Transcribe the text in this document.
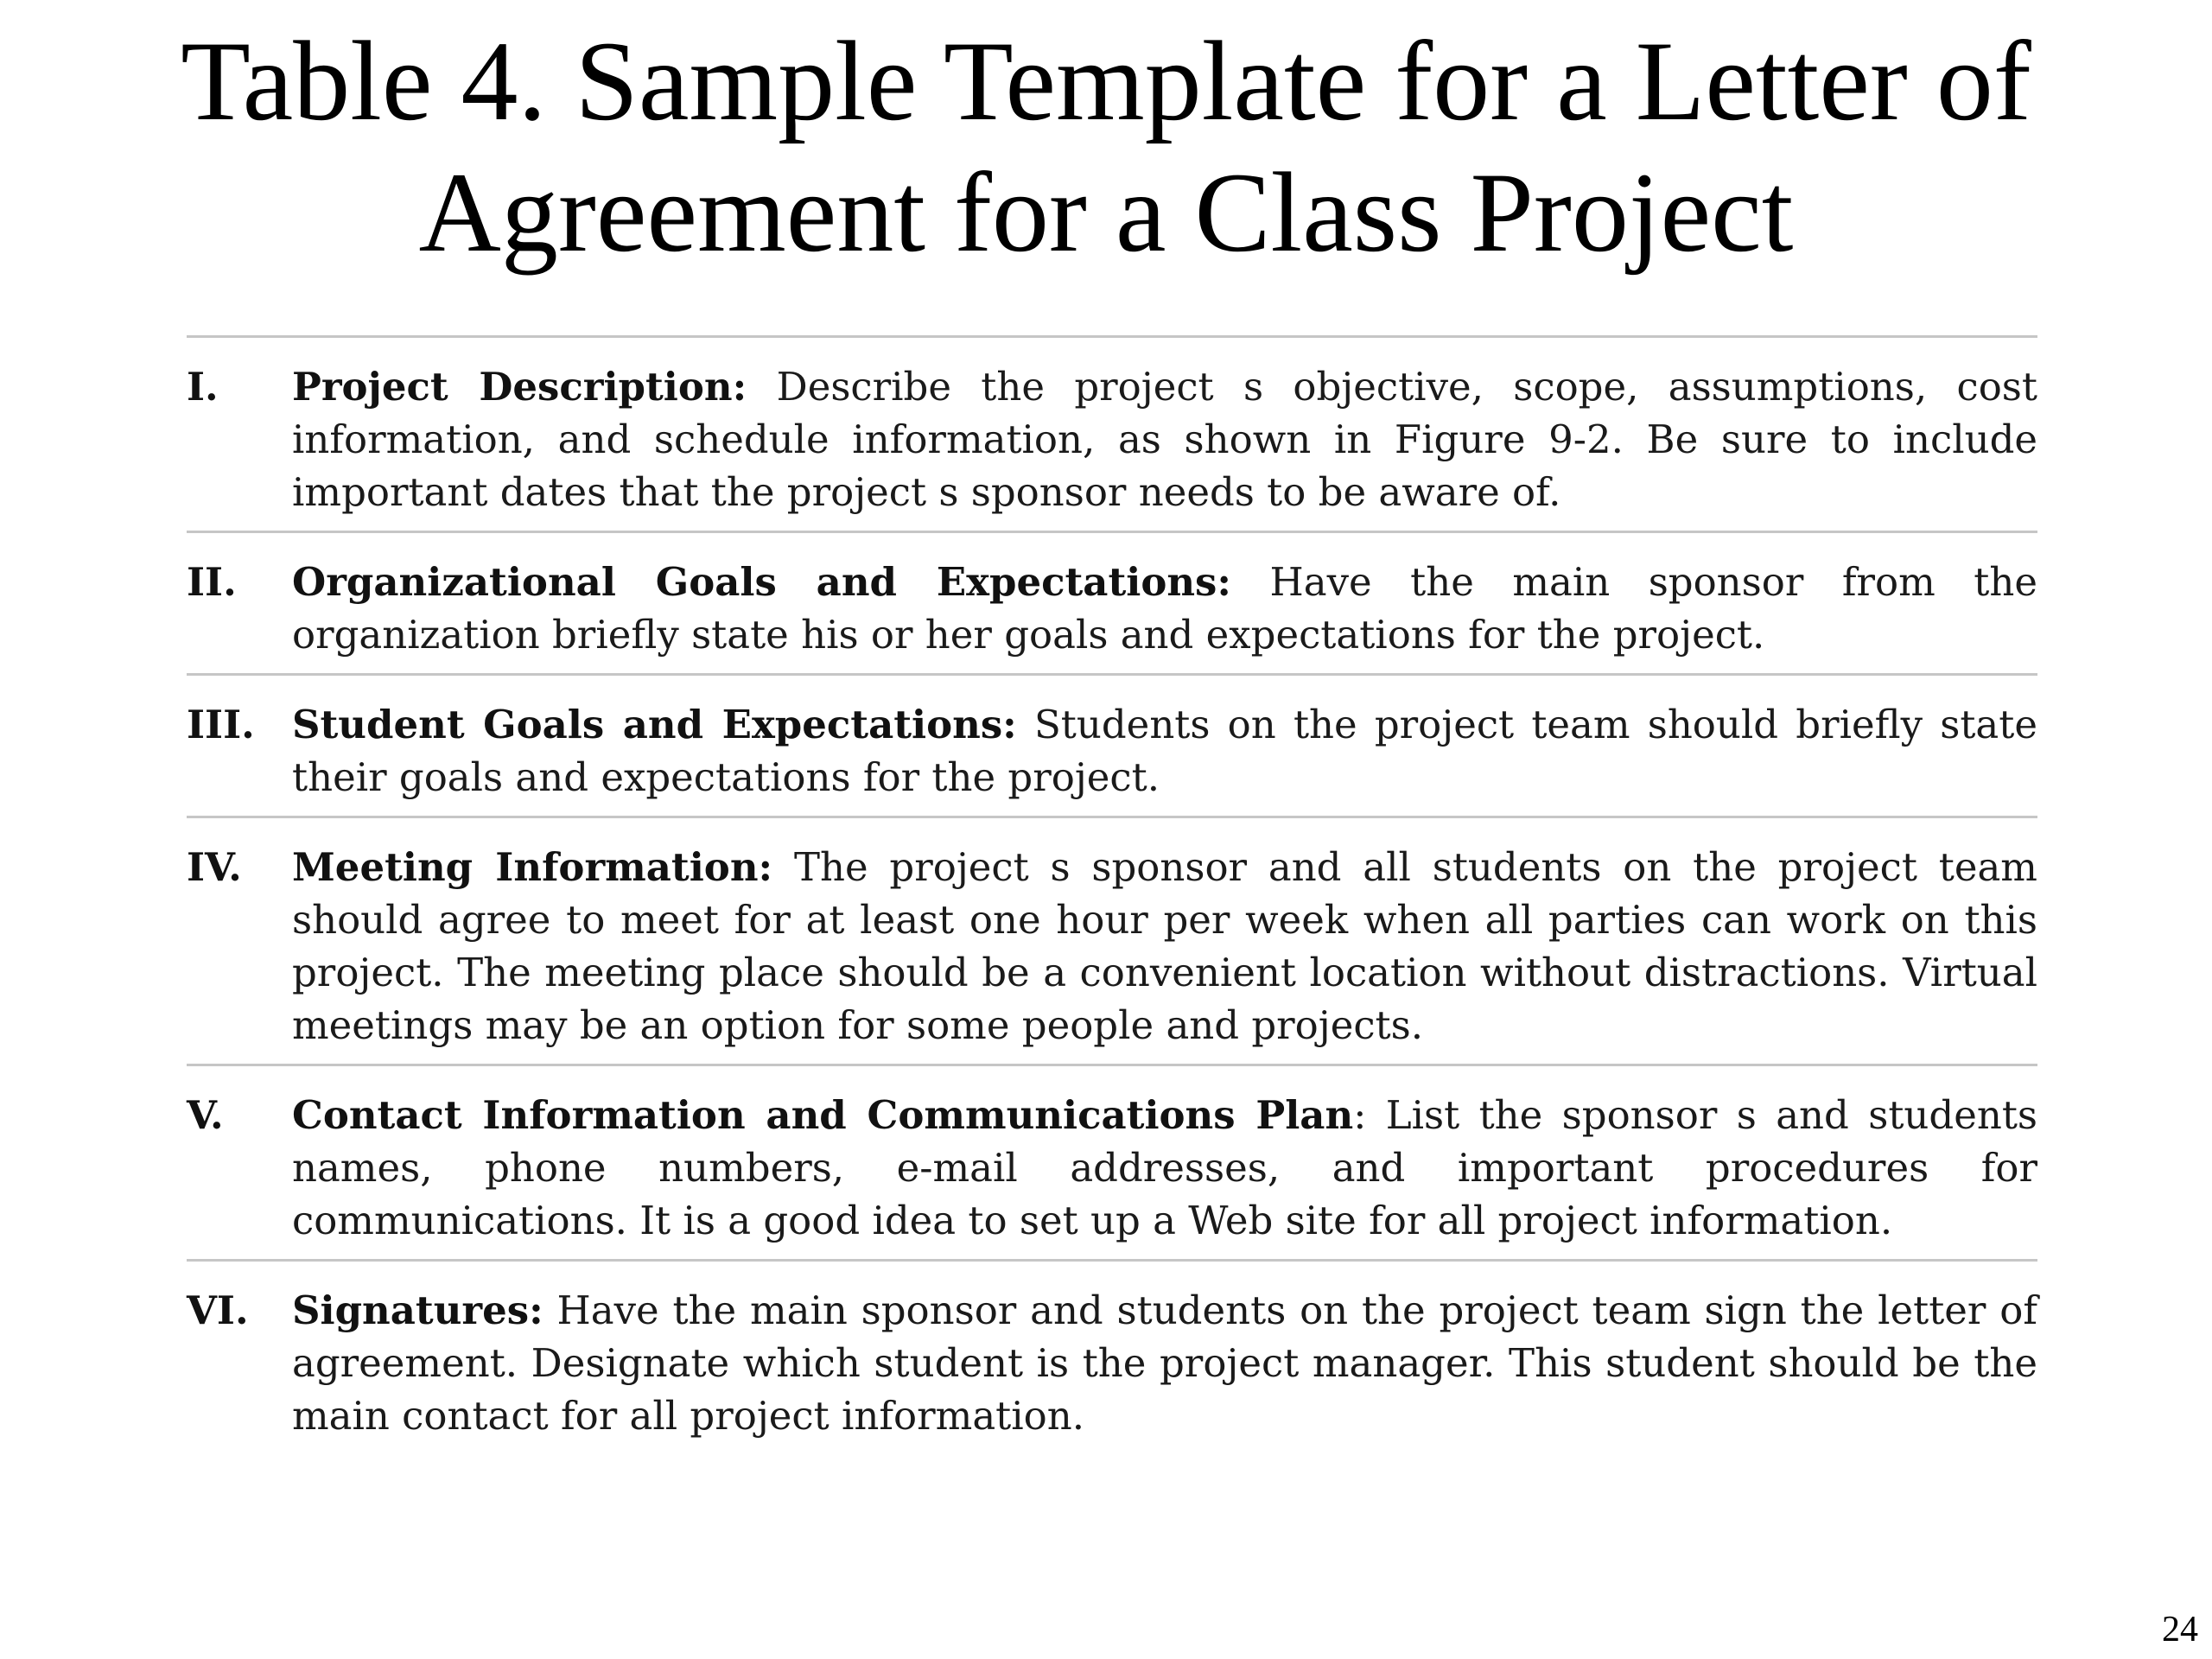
Table 4. Sample Template for a Letter of
Agreement for a Class Project
I.	Project Description: Describe the project s objective, scope, assumptions, cost information, and schedule information, as shown in Figure 9-2. Be sure to include important dates that the project s sponsor needs to be aware of.

II.	Organizational Goals and Expectations: Have the main sponsor from the organization briefly state his or her goals and expectations for the project.

III. Student Goals and Expectations: Students on the project team should briefly state their goals and expectations for the project.

IV.	Meeting Information: The project s sponsor and all students on the project team should agree to meet for at least one hour per week when all parties can work on this project. The meeting place should be a convenient location without distractions. Virtual meetings may be an option for some people and projects.

V.	Contact Information and Communications Plan: List the sponsor s and students names, phone numbers, e-mail addresses, and important procedures for communications. It is a good idea to set up a Web site for all project information.

VI.	Signatures: Have the main sponsor and students on the project team sign the letter of agreement. Designate which student is the project manager. This student should be the main contact for all project information.

24
